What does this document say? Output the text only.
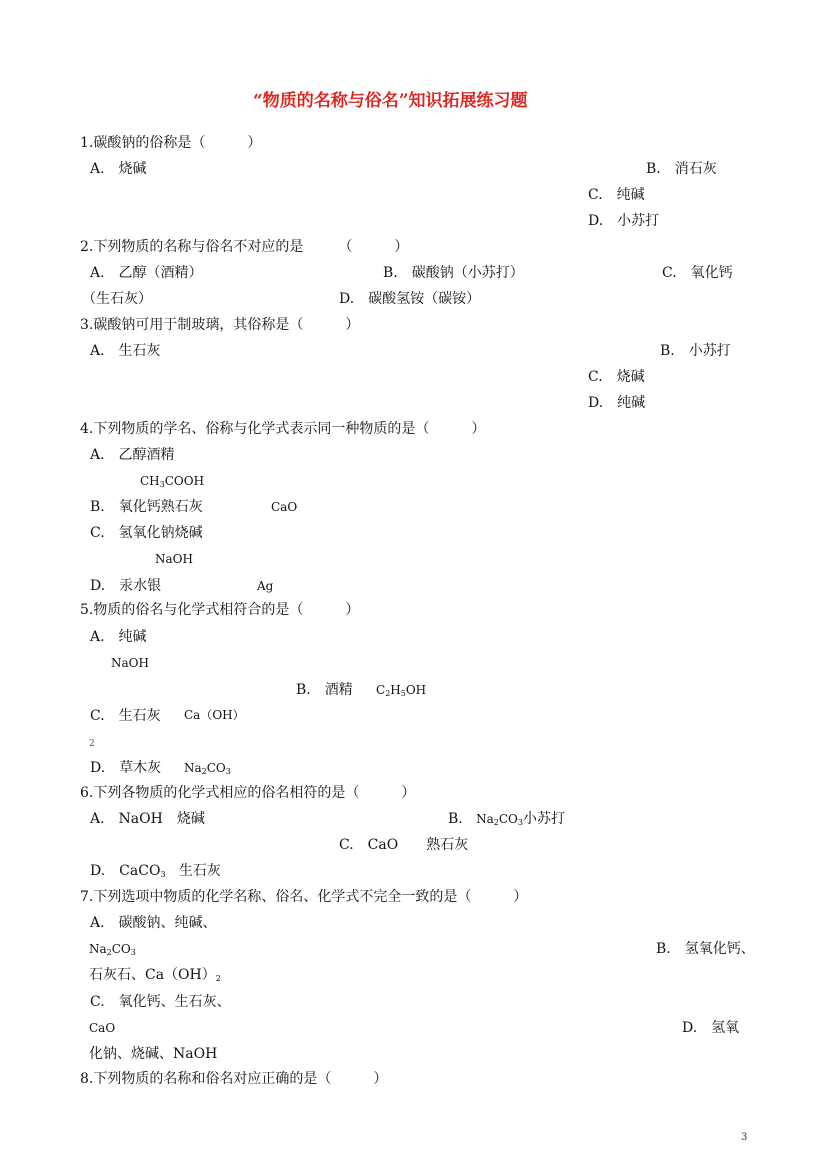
“物质的名称与俗名”知识拓展练习题
1.碳酸钠的俗称是（　　　）
A.　烧碱	B.　消石灰
C.　纯碱
D.　小苏打
2.下列物质的名称与俗名不对应的是　　　（　　　）
A.　乙醇（酒精）	B.　碳酸钠（小苏打）	C.　氧化钙
（生石灰）	D.　碳酸氢铵（碳铵）
3.碳酸钠可用于制玻璃，其俗称是（　　　）
A.　生石灰	B.　小苏打
C.　烧碱
D.　纯碱
4.下列物质的学名、俗称与化学式表示同一种物质的是（　　　）
A.　乙醇酒精
$CH_3COOH$
B.　氧化钙熟石灰	CaO
C.　氢氧化钠烧碱
NaOH
D.　汞水银	Ag
5.物质的俗名与化学式相符合的是（　　　）
A.　纯碱
NaOH
B.　酒精 $C_2H_5OH$
C.　生石灰 Ca（OH）
2
D.　草木灰 $Na_2CO_3$
6.下列各物质的化学式相应的俗名相符的是（　　　）
A.　NaOH　烧碱	B. $Na_2CO_3$小苏打
C.　CaO　　熟石灰
D.　CaCO$_3$ 生石灰
7.下列选项中物质的化学名称、俗名、化学式不完全一致的是（　　　）
A.　碳酸钠、纯碱、
$Na_2CO_3$	B.　氢氧化钙、
石灰石、$Ca(OH)_2$
C.　氧化钙、生石灰、
CaO	D.　氢氧
化钠、烧碱、NaOH
8.下列物质的名称和俗名对应正确的是（　　　）
3
